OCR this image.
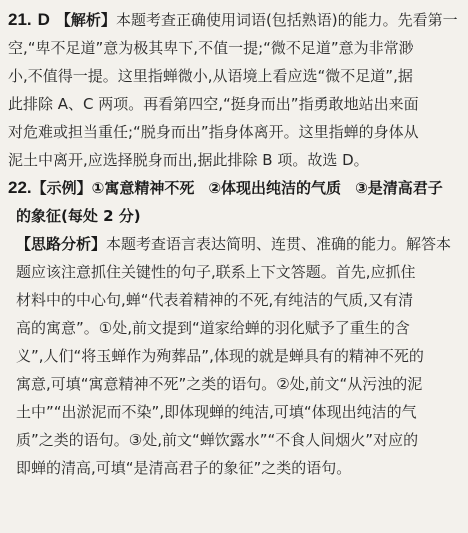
21. D 【解析】本题考查正确使用词语(包括熟语)的能力。先看第一
空,“卑不足道”意为极其卑下,不值一提;“微不足道”意为非常渺
小,不值得一提。这里指蝉微小,从语境上看应选“微不足道”,据
此排除 A、C 两项。再看第四空,“挺身而出”指勇敢地站出来面
对危难或担当重任;“脱身而出”指身体离开。这里指蝉的身体从
泥土中离开,应选择脱身而出,据此排除 B 项。故选 D。
22.【示例】①寓意精神不死 ②体现出纯洁的气质 ③是清高君子
的象征(每处 2 分)
【思路分析】本题考查语言表达简明、连贯、准确的能力。解答本
题应该注意抓住关键性的句子,联系上下文答题。首先,应抓住
材料中的中心句,蝉“代表着精神的不死,有纯洁的气质,又有清
高的寓意”。①处,前文提到“道家给蝉的羽化赋予了重生的含
义”,人们“将玉蝉作为殉葬品”,体现的就是蝉具有的精神不死的
寓意,可填“寓意精神不死”之类的语句。②处,前文“从污浊的泥
土中”“出淤泥而不染”,即体现蝉的纯洁,可填“体现出纯洁的气
质”之类的语句。③处,前文“蝉饮露水”“不食人间烟火”对应的
即蝉的清高,可填“是清高君子的象征”之类的语句。
